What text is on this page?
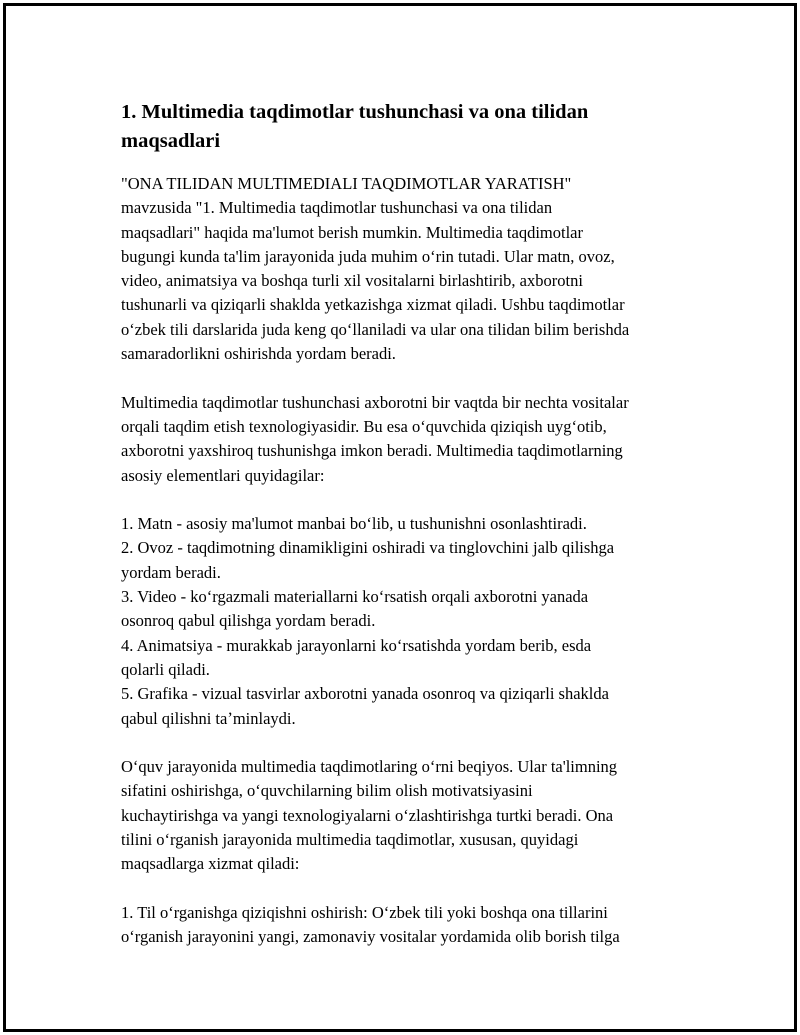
1. Multimedia taqdimotlar tushunchasi va ona tilidan maqsadlari

"ONA TILIDAN MULTIMEDIALI TAQDIMOTLAR YARATISH"
mavzusida "1. Multimedia taqdimotlar tushunchasi va ona tilidan
maqsadlari" haqida ma'lumot berish mumkin. Multimedia taqdimotlar
bugungi kunda ta'lim jarayonida juda muhim oʻrin tutadi. Ular matn, ovoz,
video, animatsiya va boshqa turli xil vositalarni birlashtirib, axborotni
tushunarli va qiziqarli shaklda yetkazishga xizmat qiladi. Ushbu taqdimotlar
oʻzbek tili darslarida juda keng qoʻllaniladi va ular ona tilidan bilim berishda
samaradorlikni oshirishda yordam beradi.

Multimedia taqdimotlar tushunchasi axborotni bir vaqtda bir nechta vositalar
orqali taqdim etish texnologiyasidir. Bu esa oʻquvchida qiziqish uygʻotib,
axborotni yaxshiroq tushunishga imkon beradi. Multimedia taqdimotlarning
asosiy elementlari quyidagilar:

1. Matn - asosiy ma'lumot manbai boʻlib, u tushunishni osonlashtiradi.
2. Ovoz - taqdimotning dinamikligini oshiradi va tinglovchini jalb qilishga
yordam beradi.
3. Video - koʻrgazmali materiallarni koʻrsatish orqali axborotni yanada
osonroq qabul qilishga yordam beradi.
4. Animatsiya - murakkab jarayonlarni koʻrsatishda yordam berib, esda
qolarli qiladi.
5. Grafika - vizual tasvirlar axborotni yanada osonroq va qiziqarli shaklda
qabul qilishni taʼminlaydi.

Oʻquv jarayonida multimedia taqdimotlaring oʻrni beqiyos. Ular ta'limning
sifatini oshirishga, oʻquvchilarning bilim olish motivatsiyasini
kuchaytirishga va yangi texnologiyalarni oʻzlashtirishga turtki beradi. Ona
tilini oʻrganish jarayonida multimedia taqdimotlar, xususan, quyidagi
maqsadlarga xizmat qiladi:

1. Til oʻrganishga qiziqishni oshirish: Oʻzbek tili yoki boshqa ona tillarini
oʻrganish jarayonini yangi, zamonaviy vositalar yordamida olib borish tilga
